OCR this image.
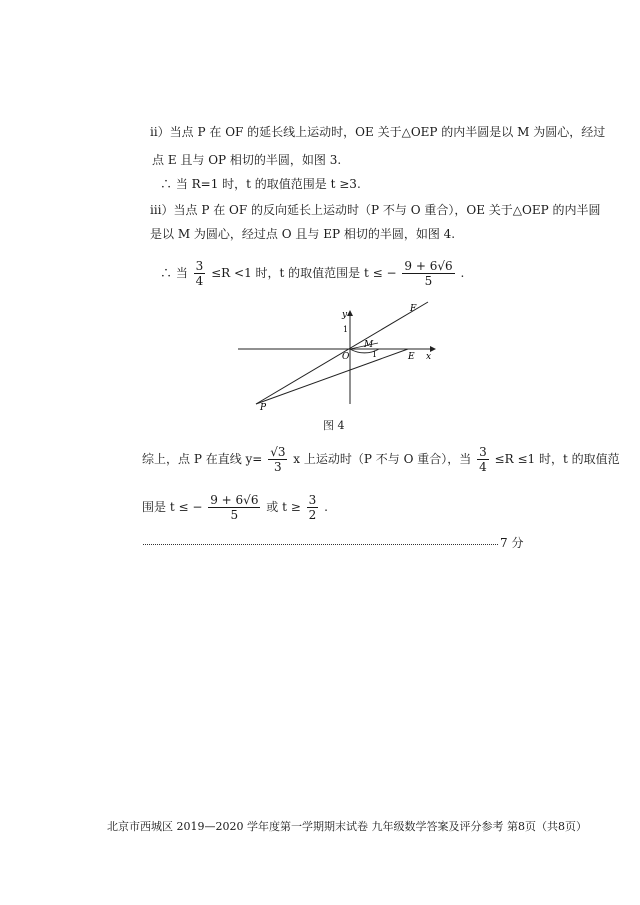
ⅱ）当点 P 在 OF 的延长线上运动时，OE 关于△OEP 的内半圆是以 M 为圆心，经过
点 E 且与 OP 相切的半圆，如图 3.
∴ 当 R=1 时，t 的取值范围是 t ≥3.
ⅲ）当点 P 在 OF 的反向延长上运动时（P 不与 O 重合），OE 关于△OEP 的内半圆
是以 M 为圆心，经过点 O 且与 EP 相切的半圆，如图 4.
∴ 当 $\frac{3}{4} \le R <1$ 时，t 的取值范围是 t ≤ − $\frac{9 + 6√6}{5}$ .
y
x
F
E
O
M
P
1
1
图 4
综上，点 P 在直线 $y= \frac{√3}{3}$ x 上运动时（P 不与 O 重合），当 $\frac{3}{4} \le R \le 1$ 时，t 的取值范
围是 t ≤ − $\frac{9 + 6√6}{5}$ 或 $t \ge \frac{3}{2}$ .
7 分
北京市西城区 2019—2020 学年度第一学期期末试卷 九年级数学答案及评分参考 第8页（共8页）
